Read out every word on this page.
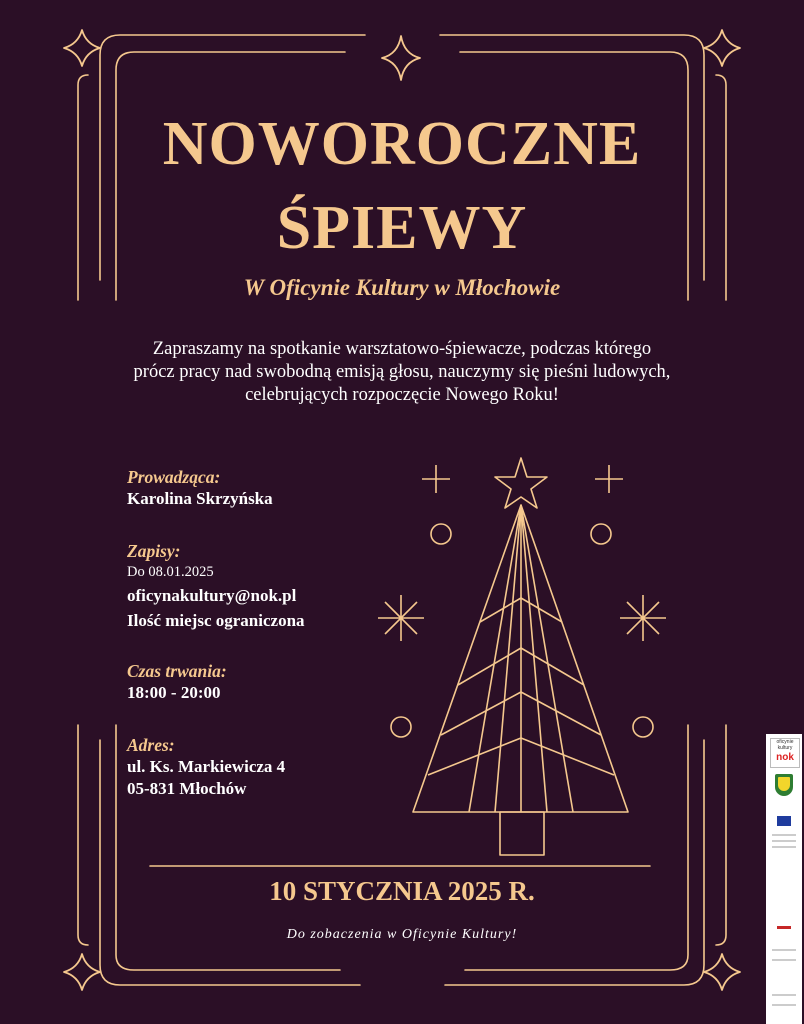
NOWOROCZNE
ŚPIEWY
W Oficynie Kultury w Młochowie
Zapraszamy na spotkanie warsztatowo-śpiewacze, podczas którego
prócz pracy nad swobodną emisją głosu, nauczymy się pieśni ludowych,
celebrujących rozpoczęcie Nowego Roku!
Prowadząca:
Karolina Skrzyńska
Zapisy:
Do 08.01.2025
oficynakultury@nok.pl
Ilość miejsc ograniczona
Czas trwania:
18:00 - 20:00
Adres:
ul. Ks. Markiewicza 4
05-831 Młochów
10 STYCZNIA 2025 R.
Do zobaczenia w Oficynie Kultury!
oficynie kultury
nok
